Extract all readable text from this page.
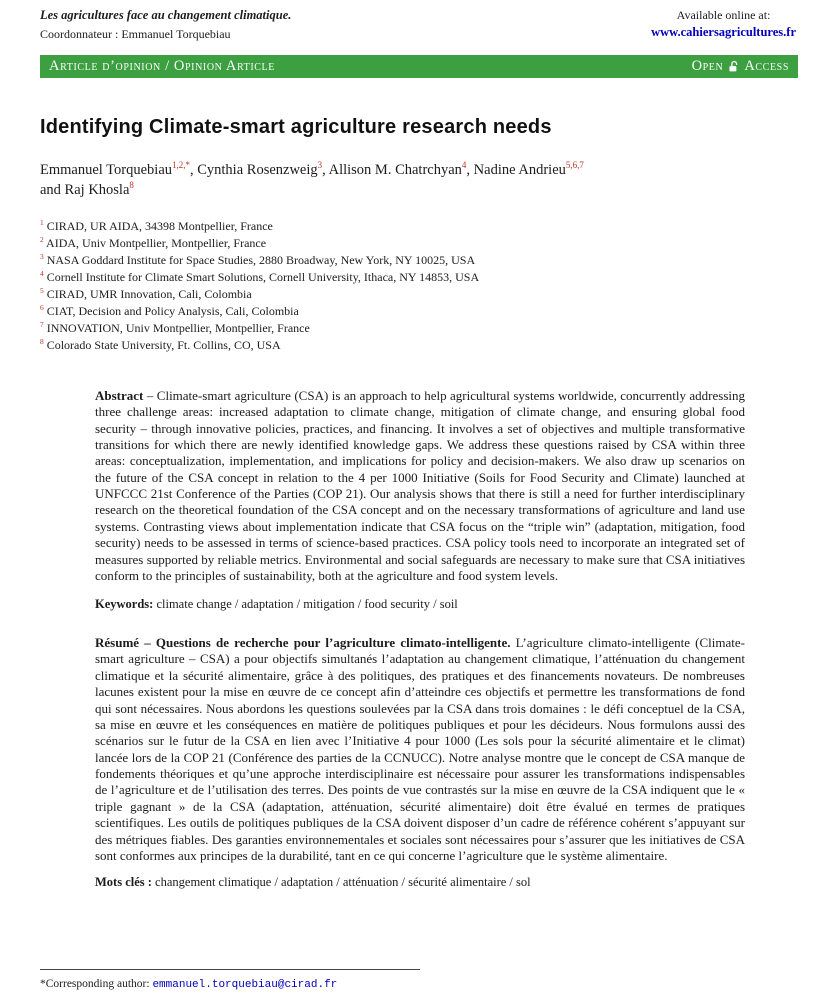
Les agricultures face au changement climatique.
Coordonnateur : Emmanuel Torquebiau
Available online at:
www.cahiersagricultures.fr
Article d’opinion / Opinion Article	Open Access
Identifying Climate-smart agriculture research needs
Emmanuel Torquebiau$^{1,2,*}$, Cynthia Rosenzweig$^3$, Allison M. Chatrchyan$^4$, Nadine Andrieu$^{5,6,7}$
and Raj Khosla$^8$
$^1$ CIRAD, UR AIDA, 34398 Montpellier, France
$^2$ AIDA, Univ Montpellier, Montpellier, France
$^3$ NASA Goddard Institute for Space Studies, 2880 Broadway, New York, NY 10025, USA
$^4$ Cornell Institute for Climate Smart Solutions, Cornell University, Ithaca, NY 14853, USA
$^5$ CIRAD, UMR Innovation, Cali, Colombia
$^6$ CIAT, Decision and Policy Analysis, Cali, Colombia
$^7$ INNOVATION, Univ Montpellier, Montpellier, France
$^8$ Colorado State University, Ft. Collins, CO, USA
Abstract – Climate-smart agriculture (CSA) is an approach to help agricultural systems worldwide, concurrently addressing three challenge areas: increased adaptation to climate change, mitigation of climate change, and ensuring global food security – through innovative policies, practices, and financing. It involves a set of objectives and multiple transformative transitions for which there are newly identified knowledge gaps. We address these questions raised by CSA within three areas: conceptualization, implementation, and implications for policy and decision-makers. We also draw up scenarios on the future of the CSA concept in relation to the 4 per 1000 Initiative (Soils for Food Security and Climate) launched at UNFCCC 21st Conference of the Parties (COP 21). Our analysis shows that there is still a need for further interdisciplinary research on the theoretical foundation of the CSA concept and on the necessary transformations of agriculture and land use systems. Contrasting views about implementation indicate that CSA focus on the “triple win” (adaptation, mitigation, food security) needs to be assessed in terms of science-based practices. CSA policy tools need to incorporate an integrated set of measures supported by reliable metrics. Environmental and social safeguards are necessary to make sure that CSA initiatives conform to the principles of sustainability, both at the agriculture and food system levels.
Keywords: climate change / adaptation / mitigation / food security / soil
Résumé – Questions de recherche pour l’agriculture climato-intelligente. L’agriculture climato-intelligente (Climate-smart agriculture – CSA) a pour objectifs simultanés l’adaptation au changement climatique, l’atténuation du changement climatique et la sécurité alimentaire, grâce à des politiques, des pratiques et des financements novateurs. De nombreuses lacunes existent pour la mise en œuvre de ce concept afin d’atteindre ces objectifs et permettre les transformations de fond qui sont nécessaires. Nous abordons les questions soulevées par la CSA dans trois domaines : le défi conceptuel de la CSA, sa mise en œuvre et les conséquences en matière de politiques publiques et pour les décideurs. Nous formulons aussi des scénarios sur le futur de la CSA en lien avec l’Initiative 4 pour 1000 (Les sols pour la sécurité alimentaire et le climat) lancée lors de la COP 21 (Conférence des parties de la CCNUCC). Notre analyse montre que le concept de CSA manque de fondements théoriques et qu’une approche interdisciplinaire est nécessaire pour assurer les transformations indispensables de l’agriculture et de l’utilisation des terres. Des points de vue contrastés sur la mise en œuvre de la CSA indiquent que le « triple gagnant » de la CSA (adaptation, atténuation, sécurité alimentaire) doit être évalué en termes de pratiques scientifiques. Les outils de politiques publiques de la CSA doivent disposer d’un cadre de référence cohérent s’appuyant sur des métriques fiables. Des garanties environnementales et sociales sont nécessaires pour s’assurer que les initiatives de CSA sont conformes aux principes de la durabilité, tant en ce qui concerne l’agriculture que le système alimentaire.
Mots clés : changement climatique / adaptation / atténuation / sécurité alimentaire / sol
*Corresponding author: emmanuel.torquebiau@cirad.fr
